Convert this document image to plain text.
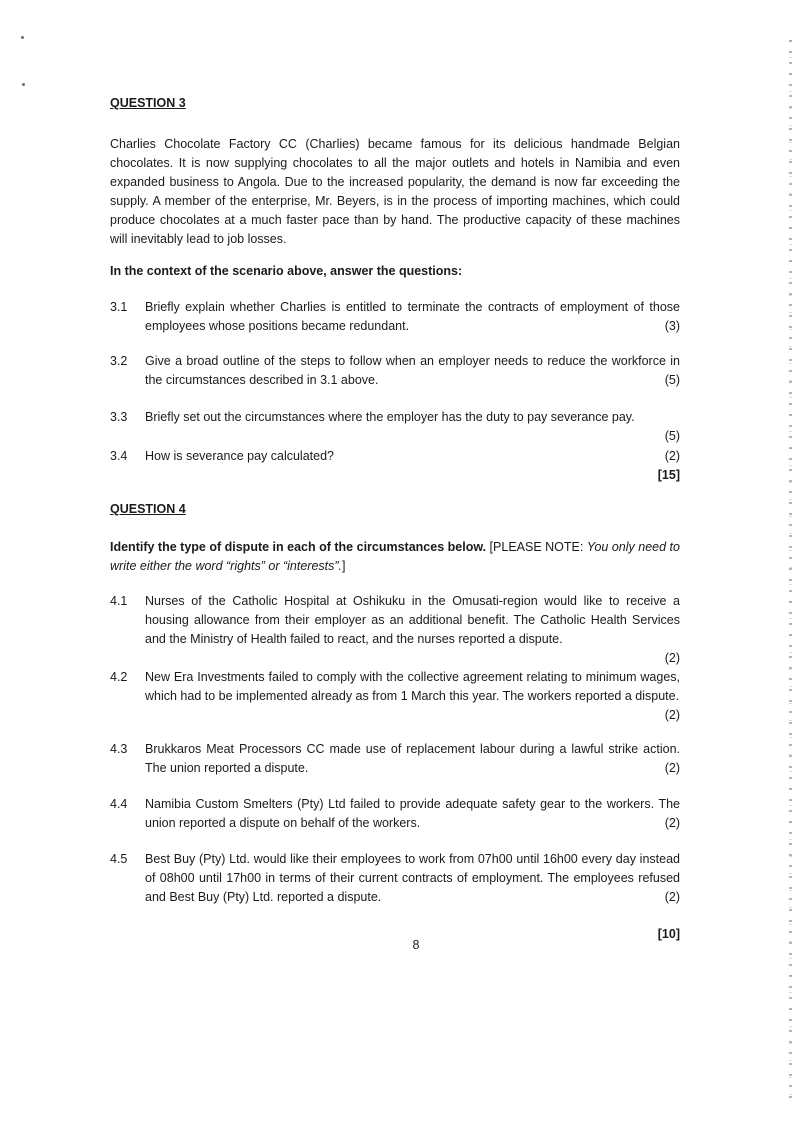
QUESTION 3

Charlies Chocolate Factory CC (Charlies) became famous for its delicious handmade Belgian chocolates. It is now supplying chocolates to all the major outlets and hotels in Namibia and even expanded business to Angola. Due to the increased popularity, the demand is now far exceeding the supply. A member of the enterprise, Mr. Beyers, is in the process of importing machines, which could produce chocolates at a much faster pace than by hand. The productive capacity of these machines will inevitably lead to job losses.

In the context of the scenario above, answer the questions:

3.1	Briefly explain whether Charlies is entitled to terminate the contracts of employment of those employees whose positions became redundant.	(3)
3.2	Give a broad outline of the steps to follow when an employer needs to reduce the workforce in the circumstances described in 3.1 above.	(5)
3.3	Briefly set out the circumstances where the employer has the duty to pay severance pay.
(5)
3.4	How is severance pay calculated?	(2)

[15]

QUESTION 4

Identify the type of dispute in each of the circumstances below. [PLEASE NOTE: You only need to write either the word “rights” or “interests”.]

4.1	Nurses of the Catholic Hospital at Oshikuku in the Omusati-region would like to receive a housing allowance from their employer as an additional benefit. The Catholic Health Services and the Ministry of Health failed to react, and the nurses reported a dispute.
(2)
4.2	New Era Investments failed to comply with the collective agreement relating to minimum wages, which had to be implemented already as from 1 March this year. The workers reported a dispute.
(2)
4.3	Brukkaros Meat Processors CC made use of replacement labour during a lawful strike action. The union reported a dispute.	(2)
4.4	Namibia Custom Smelters (Pty) Ltd failed to provide adequate safety gear to the workers. The union reported a dispute on behalf of the workers.	(2)
4.5	Best Buy (Pty) Ltd. would like their employees to work from 07h00 until 16h00 every day instead of 08h00 until 17h00 in terms of their current contracts of employment. The employees refused and Best Buy (Pty) Ltd. reported a dispute.	(2)

[10]

8
